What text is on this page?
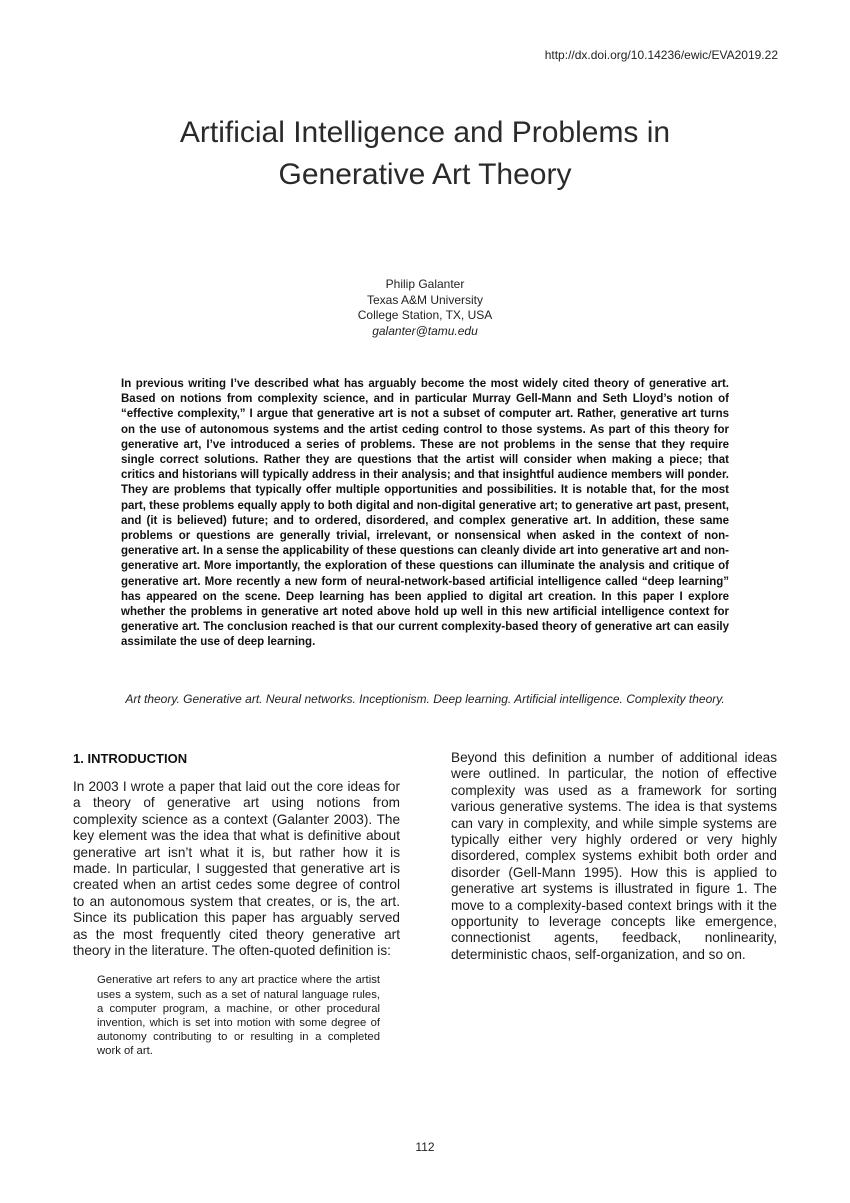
http://dx.doi.org/10.14236/ewic/EVA2019.22
Artificial Intelligence and Problems in
Generative Art Theory
Philip Galanter
Texas A&M University
College Station, TX, USA
galanter@tamu.edu

In previous writing I’ve described what has arguably become the most widely cited theory of generative art. Based on notions from complexity science, and in particular Murray Gell-Mann and Seth Lloyd’s notion of “effective complexity,” I argue that generative art is not a subset of computer art. Rather, generative art turns on the use of autonomous systems and the artist ceding control to those systems. As part of this theory for generative art, I’ve introduced a series of problems. These are not problems in the sense that they require single correct solutions. Rather they are questions that the artist will consider when making a piece; that critics and historians will typically address in their analysis; and that insightful audience members will ponder. They are problems that typically offer multiple opportunities and possibilities. It is notable that, for the most part, these problems equally apply to both digital and non-digital generative art; to generative art past, present, and (it is believed) future; and to ordered, disordered, and complex generative art. In addition, these same problems or questions are generally trivial, irrelevant, or nonsensical when asked in the context of non-generative art. In a sense the applicability of these questions can cleanly divide art into generative art and non-generative art. More importantly, the exploration of these questions can illuminate the analysis and critique of generative art. More recently a new form of neural-network-based artificial intelligence called “deep learning” has appeared on the scene. Deep learning has been applied to digital art creation. In this paper I explore whether the problems in generative art noted above hold up well in this new artificial intelligence context for generative art. The conclusion reached is that our current complexity-based theory of generative art can easily assimilate the use of deep learning.

Art theory. Generative art. Neural networks. Inceptionism. Deep learning. Artificial intelligence. Complexity theory.
1. INTRODUCTION

In 2003 I wrote a paper that laid out the core ideas for a theory of generative art using notions from complexity science as a context (Galanter 2003). The key element was the idea that what is definitive about generative art isn’t what it is, but rather how it is made. In particular, I suggested that generative art is created when an artist cedes some degree of control to an autonomous system that creates, or is, the art. Since its publication this paper has arguably served as the most frequently cited theory generative art theory in the literature. The often-quoted definition is:

Generative art refers to any art practice where the artist uses a system, such as a set of natural language rules, a computer program, a machine, or other procedural invention, which is set into motion with some degree of autonomy contributing to or resulting in a completed work of art.

Beyond this definition a number of additional ideas were outlined. In particular, the notion of effective complexity was used as a framework for sorting various generative systems. The idea is that systems can vary in complexity, and while simple systems are typically either very highly ordered or very highly disordered, complex systems exhibit both order and disorder (Gell-Mann 1995). How this is applied to generative art systems is illustrated in figure 1. The move to a complexity-based context brings with it the opportunity to leverage concepts like emergence, connectionist agents, feedback, nonlinearity, deterministic chaos, self-organization, and so on.

112
